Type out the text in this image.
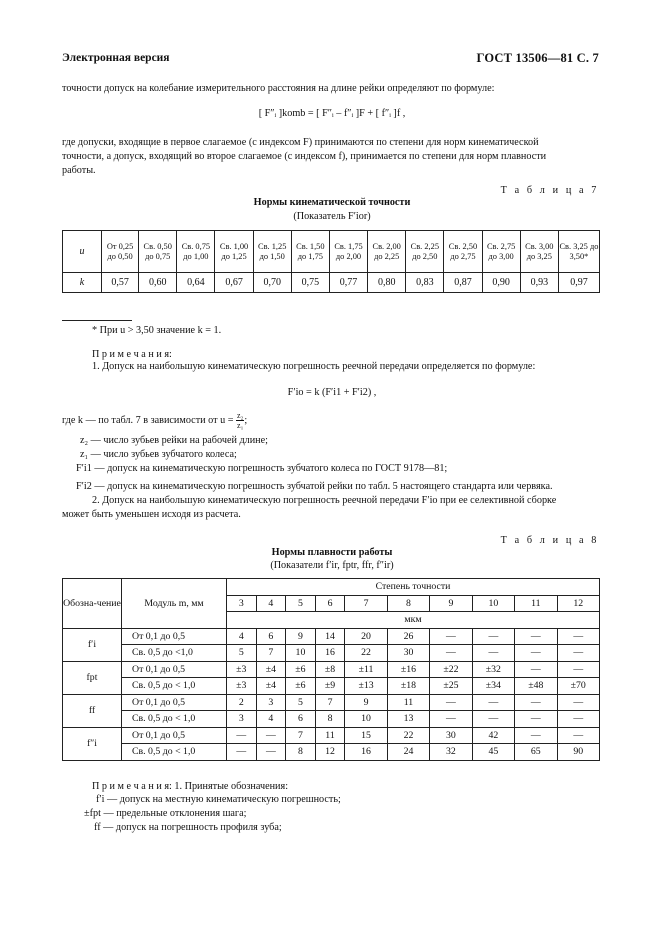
Электронная версия	ГОСТ 13506—81 С. 7
точности допуск на колебание измерительного расстояния на длине рейки определяют по формуле:
[ F″ᵢ ]komb = [ F″ᵢ – f″ᵢ ]F + [ f″ᵢ ]f ,
где допуски, входящие в первое слагаемое (с индексом F) принимаются по степени для норм кинематической
точности, а допуск, входящий во второе слагаемое (с индексом f), принимается по степени для норм плавности
работы.
Т а б л и ц а 7
Нормы кинематической точности
(Показатель F′ior)
u	От 0,25 до 0,50	Св. 0,50 до 0,75	Св. 0,75 до 1,00	Св. 1,00 до 1,25	Св. 1,25 до 1,50	Св. 1,50 до 1,75	Св. 1,75 до 2,00	Св. 2,00 до 2,25	Св. 2,25 до 2,50	Св. 2,50 до 2,75	Св. 2,75 до 3,00	Св. 3,00 до 3,25	Св. 3,25 до 3,50*
k	0,57	0,60	0,64	0,67	0,70	0,75	0,77	0,80	0,83	0,87	0,90	0,93	0,97
* При u > 3,50 значение k = 1.
П р и м е ч а н и я:
1. Допуск на наибольшую кинематическую погрешность реечной передачи определяется по формуле:
F′io = k (F′i1 + F′i2) ,
где k — по табл. 7 в зависимости от $u = \frac{\text{z₂}}{\text{z₁}}$ ;
z₂ — число зубьев рейки на рабочей длине;
z₁ — число зубьев зубчатого колеса;
F′i1 — допуск на кинематическую погрешность зубчатого колеса по ГОСТ 9178—81;
F′i2 — допуск на кинематическую погрешность зубчатой рейки по табл. 5 настоящего стандарта или червяка.
2. Допуск на наибольшую кинематическую погрешность реечной передачи F′io при ее селективной сборке
может быть уменьшен исходя из расчета.
Т а б л и ц а 8
Нормы плавности работы
(Показатели f′ir, fptr, ffr, f″ir)
Обозна-чение	Модуль m, мм	Степень точности									
		3	4	5	6	7	8	9	10	11	12
		мкм									
f′i	От 0,1 до 0,5	4	6	9	14	20	26	—	—	—	—
	Св. 0,5 до <1,0	5	7	10	16	22	30	—	—	—	—
fpt	От 0,1 до 0,5	±3	±4	±6	±8	±11	±16	±22	±32	—	—
	Св. 0,5 до < 1,0	±3	±4	±6	±9	±13	±18	±25	±34	±48	±70
ff	От 0,1 до 0,5	2	3	5	7	9	11	—	—	—	—
	Св. 0,5 до < 1,0	3	4	6	8	10	13	—	—	—	—
f″i	От 0,1 до 0,5	—	—	7	11	15	22	30	42	—	—
	Св. 0,5 до < 1,0	—	—	8	12	16	24	32	45	65	90
П р и м е ч а н и я: 1. Принятые обозначения:
f′i — допуск на местную кинематическую погрешность;
±fpt — предельные отклонения шага;
ff — допуск на погрешность профиля зуба;
